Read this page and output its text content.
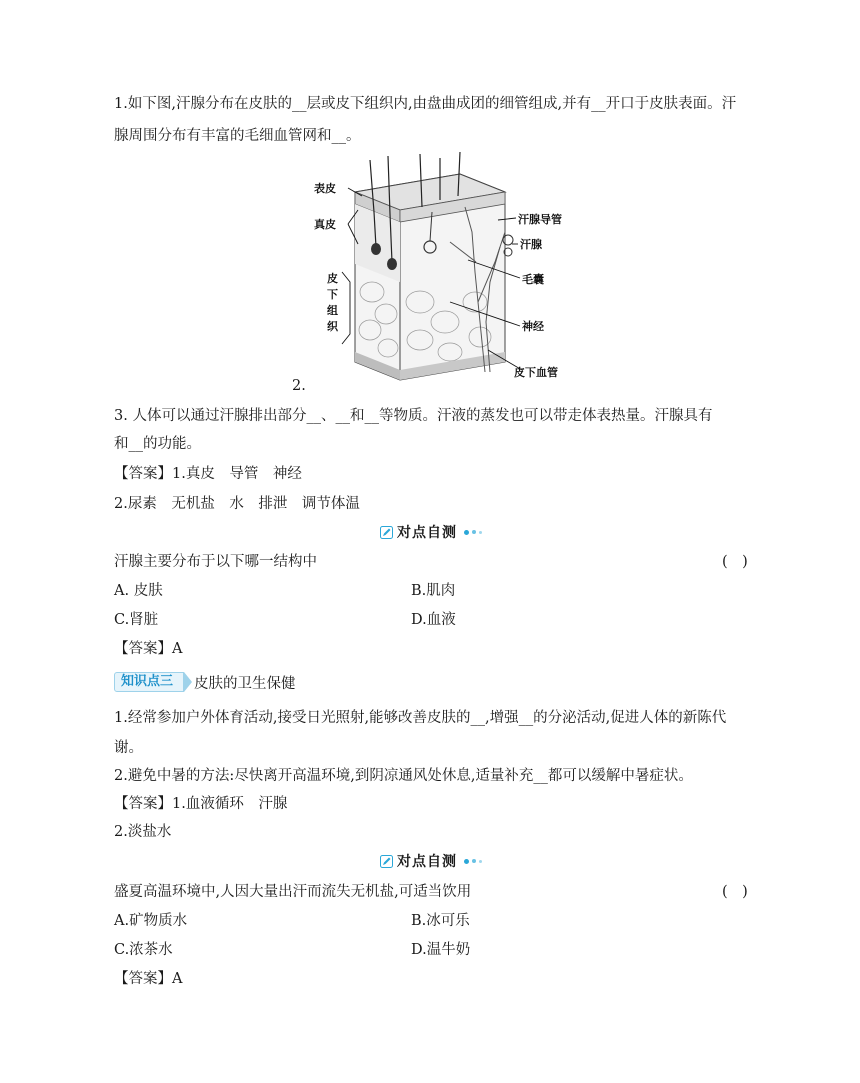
1.如下图,汗腺分布在皮肤的__层或皮下组织内,由盘曲成团的细管组成,并有__开口于皮肤表面。汗
腺周围分布有丰富的毛细血管网和__。
表皮
真皮
皮
下
组
织
汗腺导管
汗腺
毛囊
神经
皮下血管
2.
3. 人体可以通过汗腺排出部分__、__和__等物质。汗液的蒸发也可以带走体表热量。汗腺具有
和__的功能。
【答案】1.真皮　导管　神经
2.尿素　无机盐　水　排泄　调节体温
对点自测
汗腺主要分布于以下哪一结构中	(　)
A. 皮肤	B.肌肉
C.肾脏	D.血液
【答案】A
知识点三	皮肤的卫生保健
1.经常参加户外体育活动,接受日光照射,能够改善皮肤的__,增强__的分泌活动,促进人体的新陈代
谢。
2.避免中暑的方法:尽快离开高温环境,到阴凉通风处休息,适量补充__都可以缓解中暑症状。
【答案】1.血液循环　汗腺
2.淡盐水
对点自测
盛夏高温环境中,人因大量出汗而流失无机盐,可适当饮用	(　)
A.矿物质水	B.冰可乐
C.浓茶水	D.温牛奶
【答案】A
